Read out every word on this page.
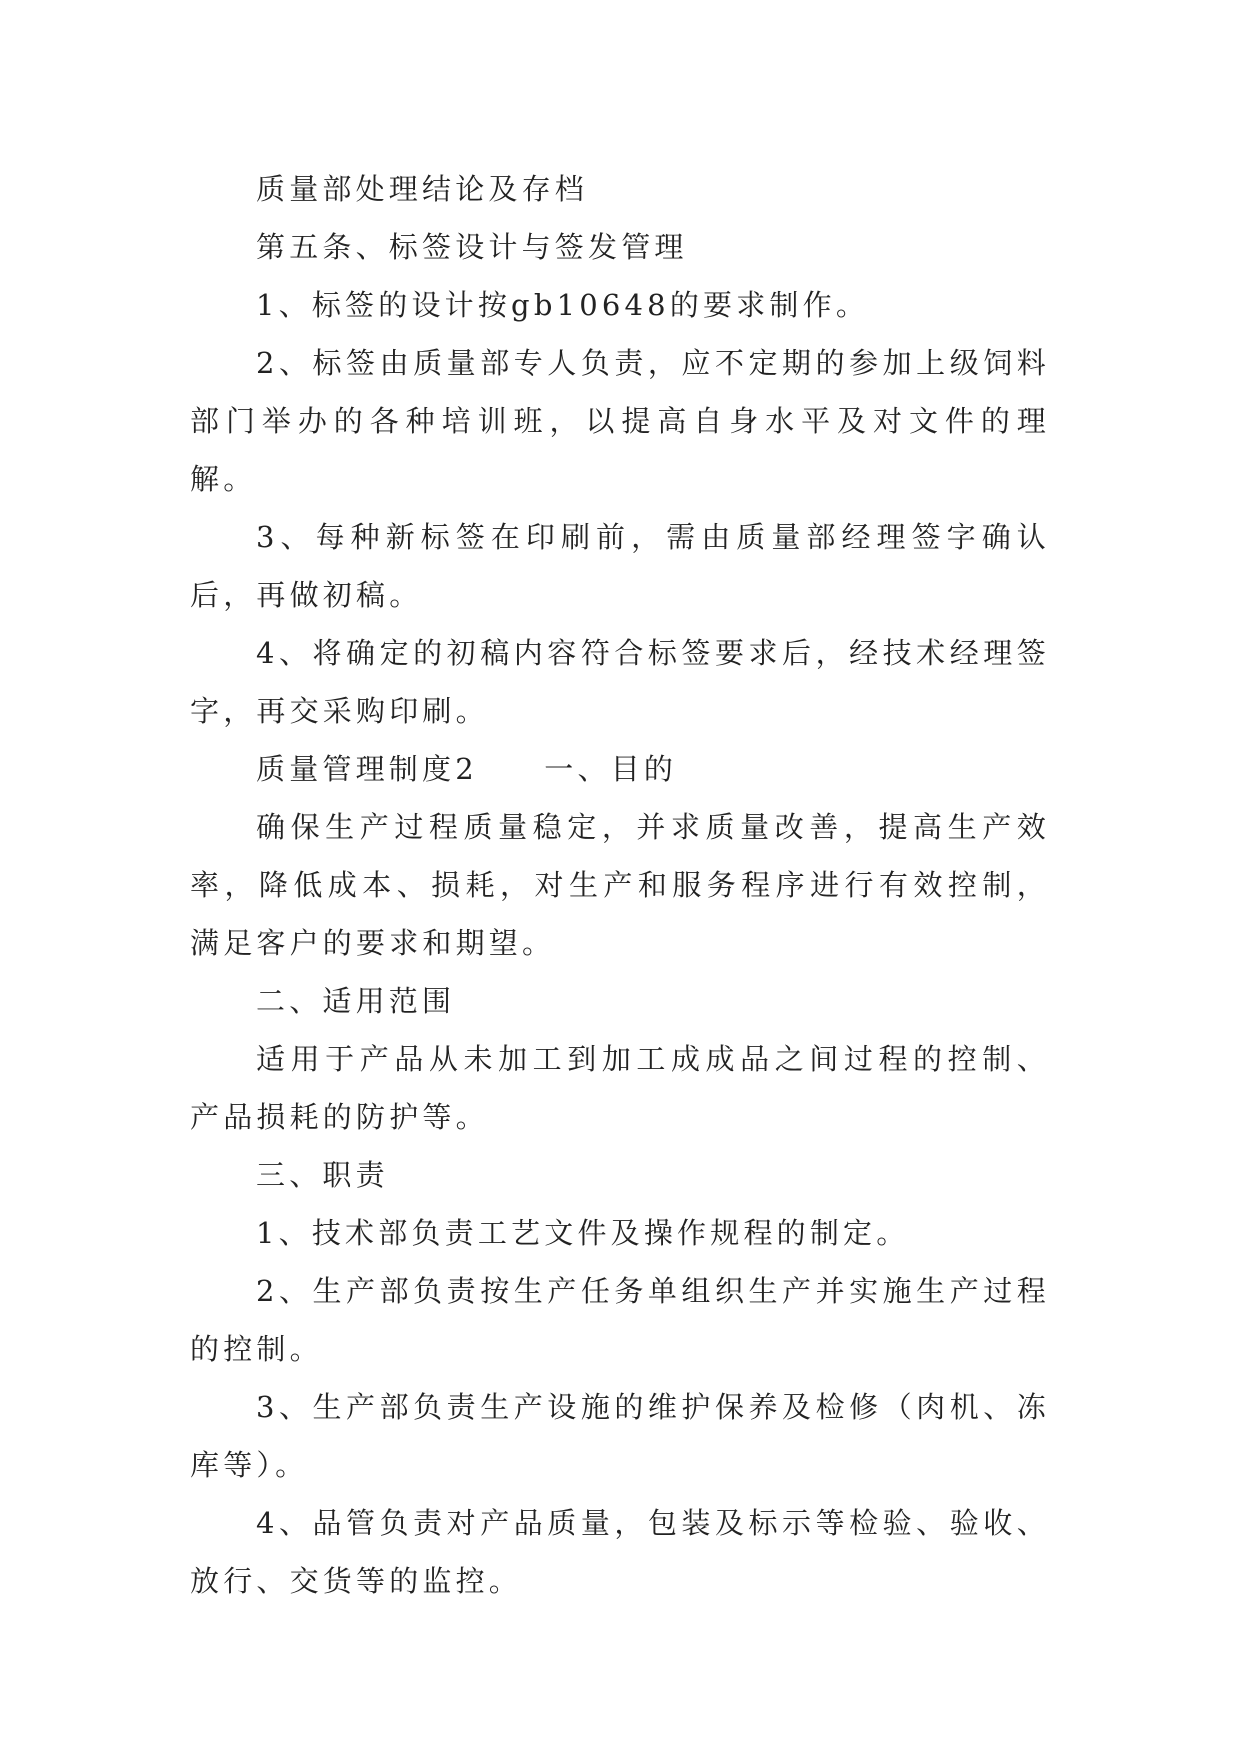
质量部处理结论及存档

第五条、标签设计与签发管理

1、标签的设计按gb10648的要求制作。

2、标签由质量部专人负责，应不定期的参加上级饲料部门举办的各种培训班，以提高自身水平及对文件的理解。

3、每种新标签在印刷前，需由质量部经理签字确认后，再做初稿。

4、将确定的初稿内容符合标签要求后，经技术经理签字，再交采购印刷。

质量管理制度2　　一、目的

确保生产过程质量稳定，并求质量改善，提高生产效率，降低成本、损耗，对生产和服务程序进行有效控制，满足客户的要求和期望。

二、适用范围

适用于产品从未加工到加工成成品之间过程的控制、产品损耗的防护等。

三、职责

1、技术部负责工艺文件及操作规程的制定。

2、生产部负责按生产任务单组织生产并实施生产过程的控制。

3、生产部负责生产设施的维护保养及检修（肉机、冻库等）。

4、品管负责对产品质量，包装及标示等检验、验收、放行、交货等的监控。
